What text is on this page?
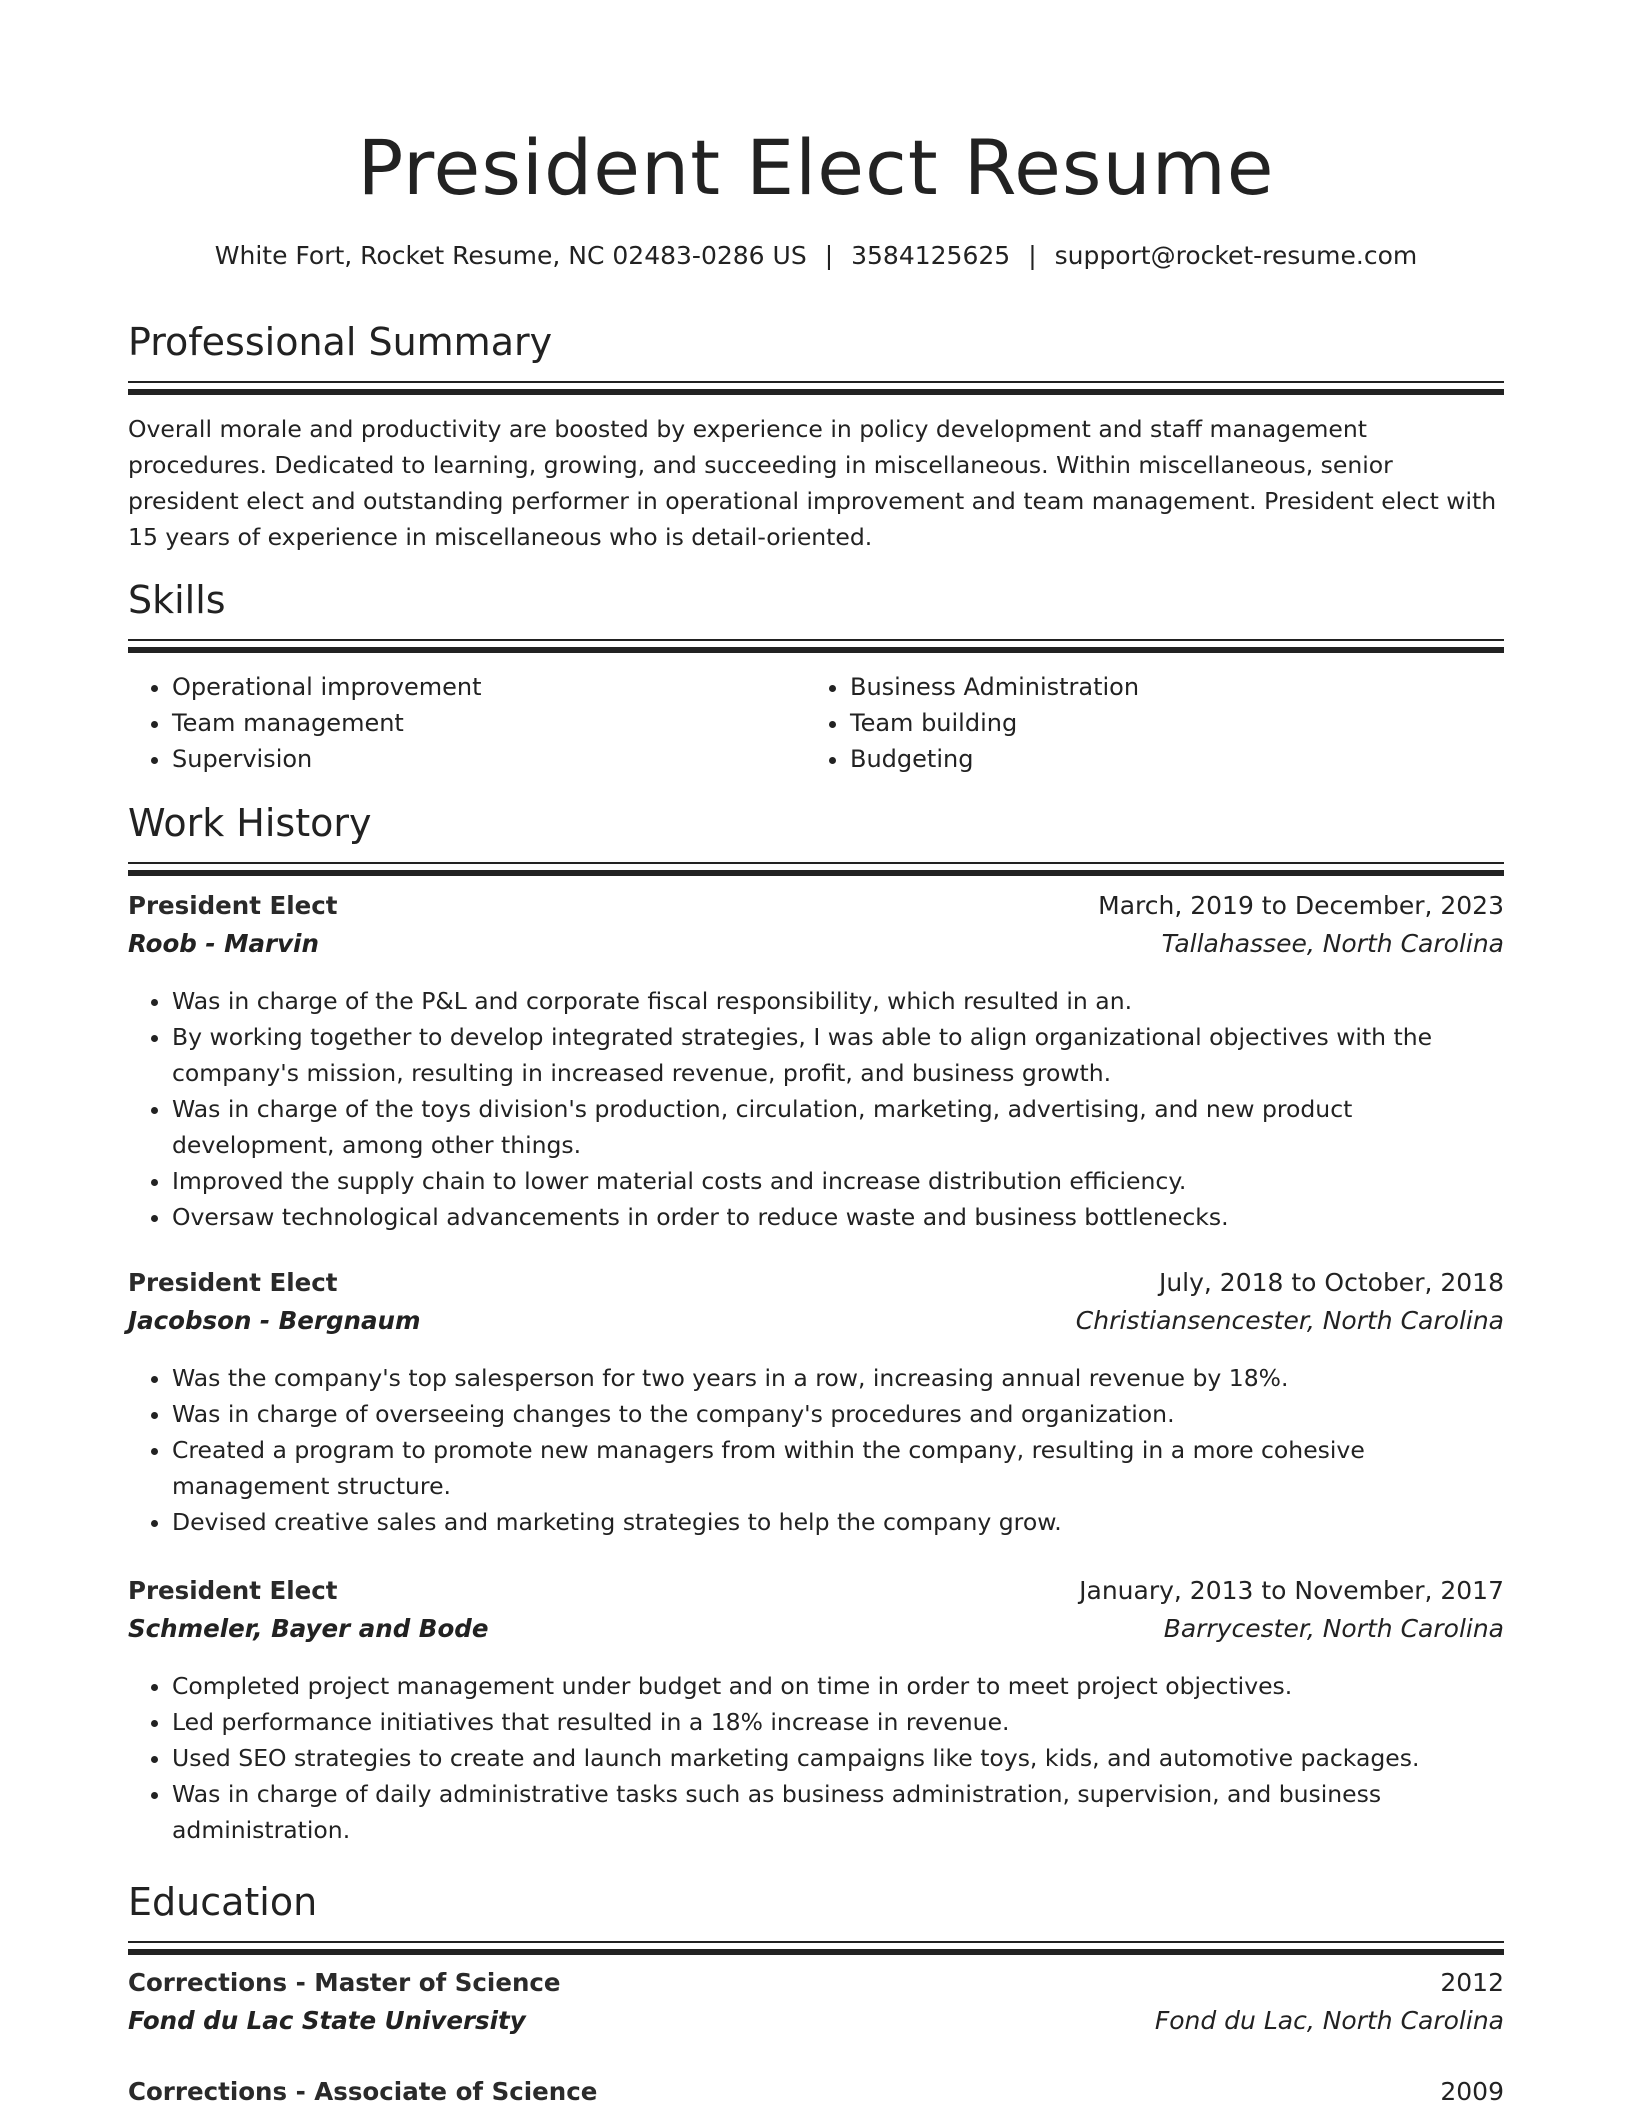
President Elect Resume
White Fort, Rocket Resume, NC 02483-0286 US | 3584125625 | support@rocket-resume.com
Professional Summary
Overall morale and productivity are boosted by experience in policy development and staff management procedures. Dedicated to learning, growing, and succeeding in miscellaneous. Within miscellaneous, senior president elect and outstanding performer in operational improvement and team management. President elect with 15 years of experience in miscellaneous who is detail-oriented.
Skills
• Operational improvement
• Team management
• Supervision
• Business Administration
• Team building
• Budgeting
Work History
President Elect	March, 2019 to December, 2023
Roob - Marvin	Tallahassee, North Carolina
• Was in charge of the P&L and corporate fiscal responsibility, which resulted in an.
• By working together to develop integrated strategies, I was able to align organizational objectives with the company's mission, resulting in increased revenue, profit, and business growth.
• Was in charge of the toys division's production, circulation, marketing, advertising, and new product development, among other things.
• Improved the supply chain to lower material costs and increase distribution efficiency.
• Oversaw technological advancements in order to reduce waste and business bottlenecks.
President Elect	July, 2018 to October, 2018
Jacobson - Bergnaum	Christiansencester, North Carolina
• Was the company's top salesperson for two years in a row, increasing annual revenue by 18%.
• Was in charge of overseeing changes to the company's procedures and organization.
• Created a program to promote new managers from within the company, resulting in a more cohesive management structure.
• Devised creative sales and marketing strategies to help the company grow.
President Elect	January, 2013 to November, 2017
Schmeler, Bayer and Bode	Barrycester, North Carolina
• Completed project management under budget and on time in order to meet project objectives.
• Led performance initiatives that resulted in a 18% increase in revenue.
• Used SEO strategies to create and launch marketing campaigns like toys, kids, and automotive packages.
• Was in charge of daily administrative tasks such as business administration, supervision, and business administration.
Education
Corrections - Master of Science	2012
Fond du Lac State University	Fond du Lac, North Carolina
Corrections - Associate of Science	2009
